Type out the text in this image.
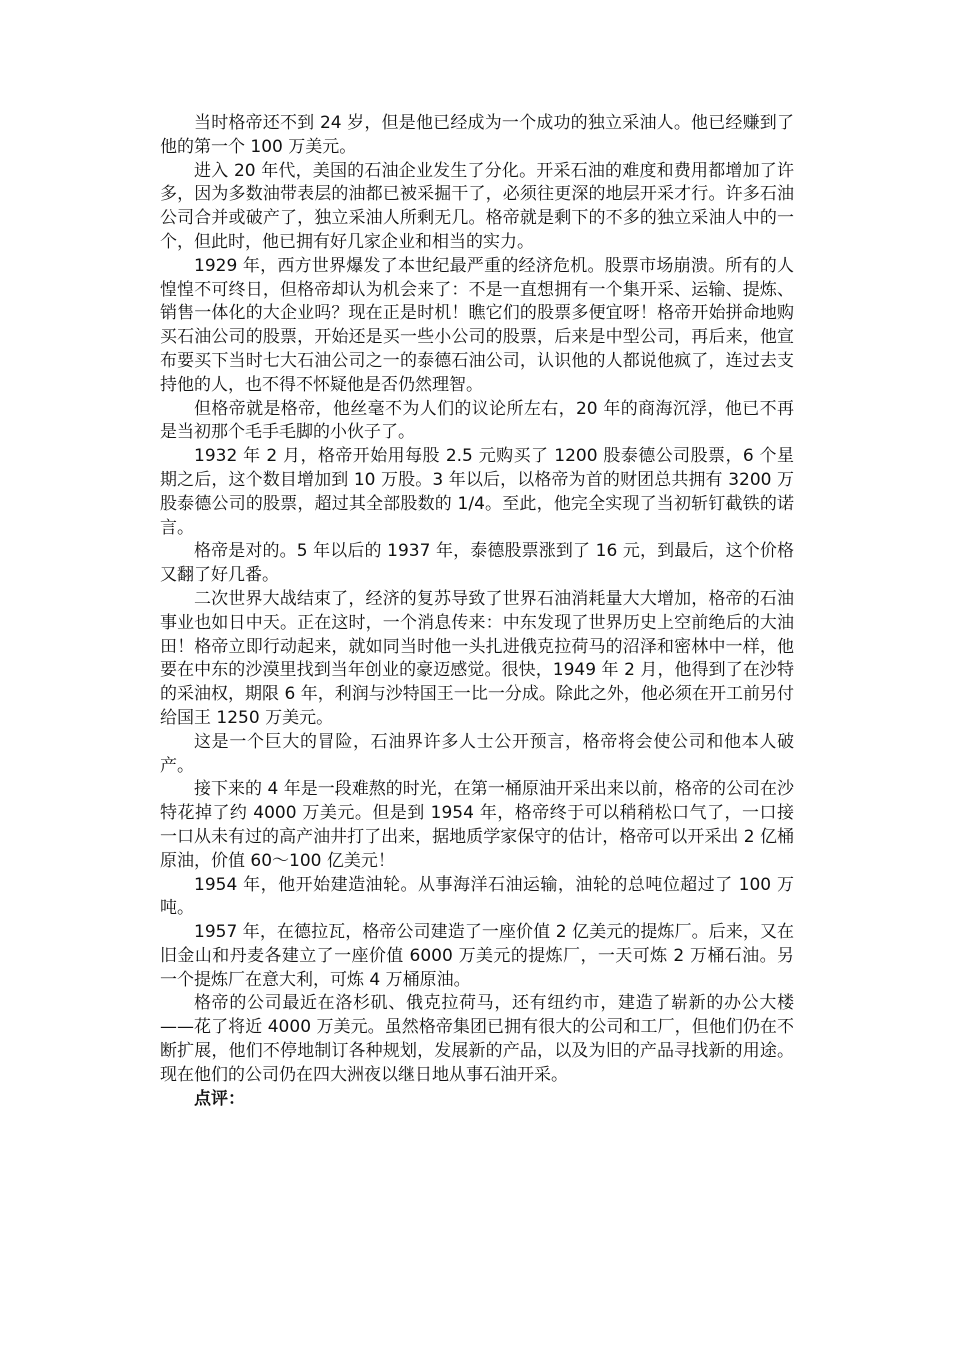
当时格帝还不到 24 岁，但是他已经成为一个成功的独立采油人。他已经赚到了他的第一个 100 万美元。

进入 20 年代，美国的石油企业发生了分化。开采石油的难度和费用都增加了许多，因为多数油带表层的油都已被采掘干了，必须往更深的地层开采才行。许多石油公司合并或破产了，独立采油人所剩无几。格帝就是剩下的不多的独立采油人中的一个，但此时，他已拥有好几家企业和相当的实力。

1929 年，西方世界爆发了本世纪最严重的经济危机。股票市场崩溃。所有的人惶惶不可终日，但格帝却认为机会来了：不是一直想拥有一个集开采、运输、提炼、销售一体化的大企业吗？现在正是时机！瞧它们的股票多便宜呀！格帝开始拼命地购买石油公司的股票，开始还是买一些小公司的股票，后来是中型公司，再后来，他宣布要买下当时七大石油公司之一的泰德石油公司，认识他的人都说他疯了，连过去支持他的人，也不得不怀疑他是否仍然理智。

但格帝就是格帝，他丝毫不为人们的议论所左右，20 年的商海沉浮，他已不再是当初那个毛手毛脚的小伙子了。

1932 年 2 月，格帝开始用每股 2.5 元购买了 1200 股泰德公司股票，6 个星期之后，这个数目增加到 10 万股。3 年以后，以格帝为首的财团总共拥有 3200 万股泰德公司的股票，超过其全部股数的 1/4。至此，他完全实现了当初斩钉截铁的诺言。

格帝是对的。5 年以后的 1937 年，泰德股票涨到了 16 元，到最后，这个价格又翻了好几番。

二次世界大战结束了，经济的复苏导致了世界石油消耗量大大增加，格帝的石油事业也如日中天。正在这时，一个消息传来：中东发现了世界历史上空前绝后的大油田！格帝立即行动起来，就如同当时他一头扎进俄克拉荷马的沼泽和密林中一样，他要在中东的沙漠里找到当年创业的豪迈感觉。很快，1949 年 2 月，他得到了在沙特的采油权，期限 6 年，利润与沙特国王一比一分成。除此之外，他必须在开工前另付给国王 1250 万美元。

这是一个巨大的冒险，石油界许多人士公开预言，格帝将会使公司和他本人破产。

接下来的 4 年是一段难熬的时光，在第一桶原油开采出来以前，格帝的公司在沙特花掉了约 4000 万美元。但是到 1954 年，格帝终于可以稍稍松口气了，一口接一口从未有过的高产油井打了出来，据地质学家保守的估计，格帝可以开采出 2 亿桶原油，价值 60～100 亿美元！

1954 年，他开始建造油轮。从事海洋石油运输，油轮的总吨位超过了 100 万吨。

1957 年，在德拉瓦，格帝公司建造了一座价值 2 亿美元的提炼厂。后来，又在旧金山和丹麦各建立了一座价值 6000 万美元的提炼厂，一天可炼 2 万桶石油。另一个提炼厂在意大利，可炼 4 万桶原油。

格帝的公司最近在洛杉矶、俄克拉荷马，还有纽约市，建造了崭新的办公大楼——花了将近 4000 万美元。虽然格帝集团已拥有很大的公司和工厂，但他们仍在不断扩展，他们不停地制订各种规划，发展新的产品，以及为旧的产品寻找新的用途。现在他们的公司仍在四大洲夜以继日地从事石油开采。

点评：
